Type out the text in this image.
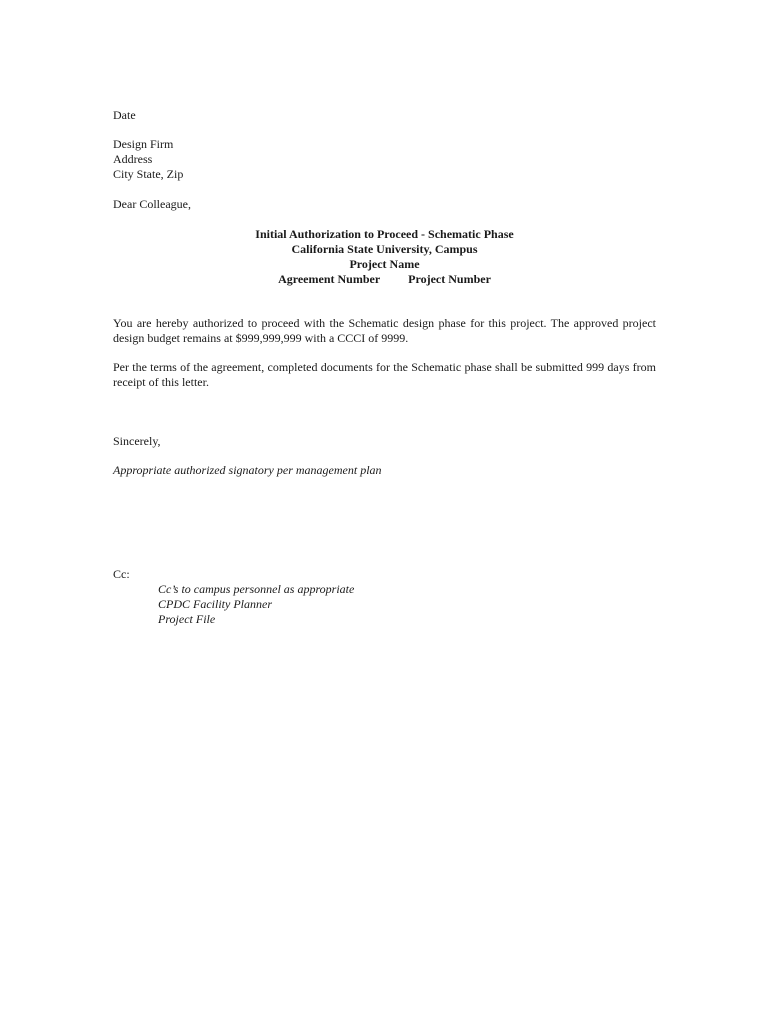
Date
Design Firm
Address
City State, Zip
Dear Colleague,
Initial Authorization to Proceed - Schematic Phase
California State University, Campus
Project Name
Agreement Number Project Number
You are hereby authorized to proceed with the Schematic design phase for this project. The approved project design budget remains at $999,999,999 with a CCCI of 9999.
Per the terms of the agreement, completed documents for the Schematic phase shall be submitted 999 days from receipt of this letter.
Sincerely,
Appropriate authorized signatory per management plan
Cc:
Cc’s to campus personnel as appropriate
CPDC Facility Planner
Project File
